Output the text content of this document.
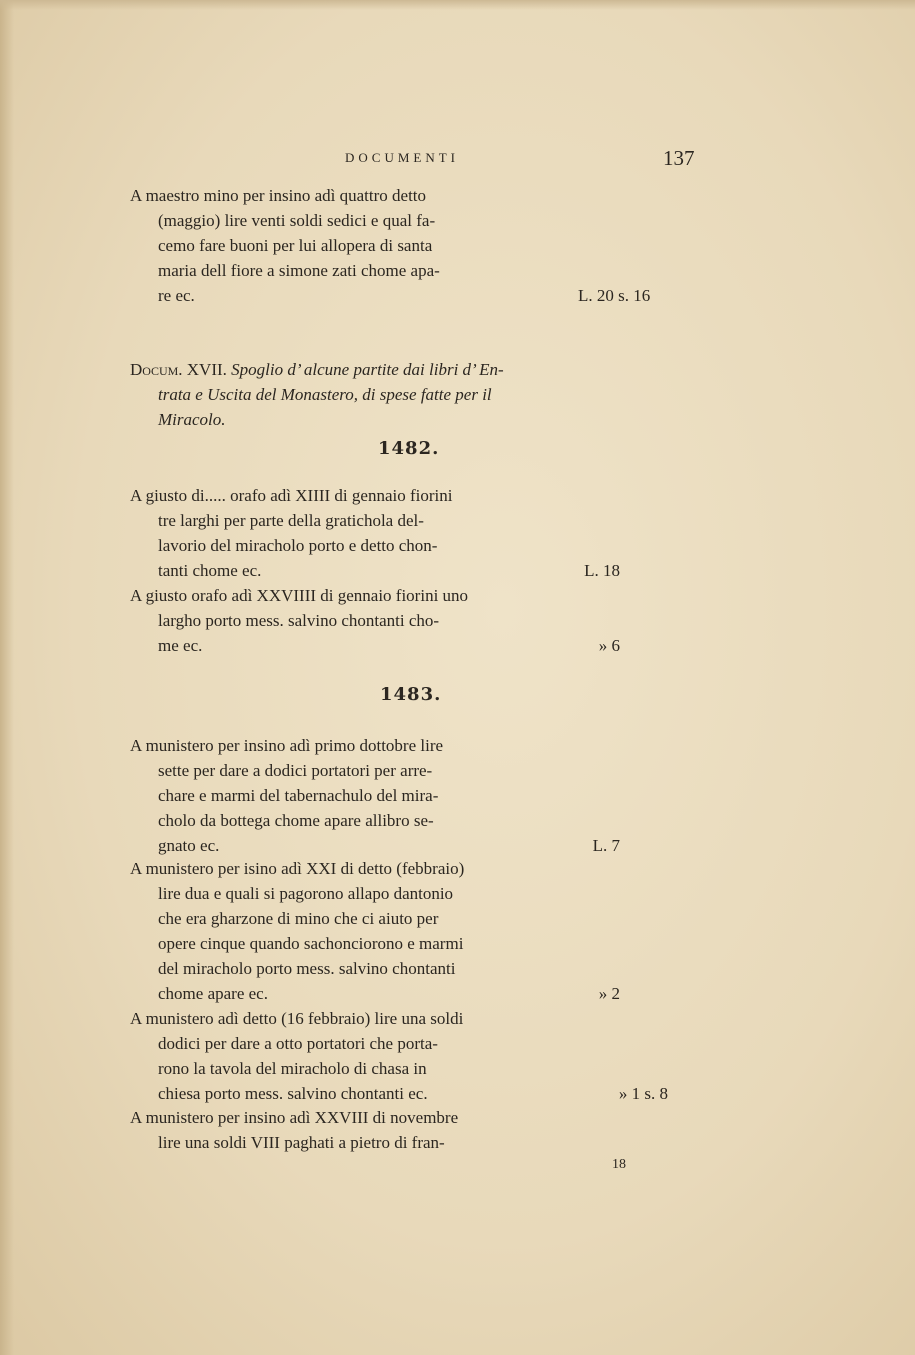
DOCUMENTI	137
A maestro mino per insino adì quattro detto
(maggio) lire venti soldi sedici e qual fa-
cemo fare buoni per lui allopera di santa
maria dell fiore a simone zati chome apa-
re ec.	L. 20 s. 16
Docum. XVII. Spoglio d’ alcune partite dai libri d’ En-
trata e Uscita del Monastero, di spese fatte per il
Miracolo.
1482.
A giusto di..... orafo adì XIIII di gennaio fiorini
tre larghi per parte della gratichola del-
lavorio del miracholo porto e detto chon-
tanti chome ec.	L. 18
A giusto orafo adì XXVIIII di gennaio fiorini uno
largho porto mess. salvino chontanti cho-
me ec.	» 6
1483.
A munistero per insino adì primo dottobre lire
sette per dare a dodici portatori per arre-
chare e marmi del tabernachulo del mira-
cholo da bottega chome apare allibro se-
gnato ec.	L. 7
A munistero per isino adì XXI di detto (febbraio)
lire dua e quali si pagorono allapo dantonio
che era gharzone di mino che ci aiuto per
opere cinque quando sachonciorono e marmi
del miracholo porto mess. salvino chontanti
chome apare ec.	» 2
A munistero adì detto (16 febbraio) lire una soldi
dodici per dare a otto portatori che porta-
rono la tavola del miracholo di chasa in
chiesa porto mess. salvino chontanti ec.	» 1 s. 8
A munistero per insino adì XXVIII di novembre
lire una soldi VIII paghati a pietro di fran-
18
